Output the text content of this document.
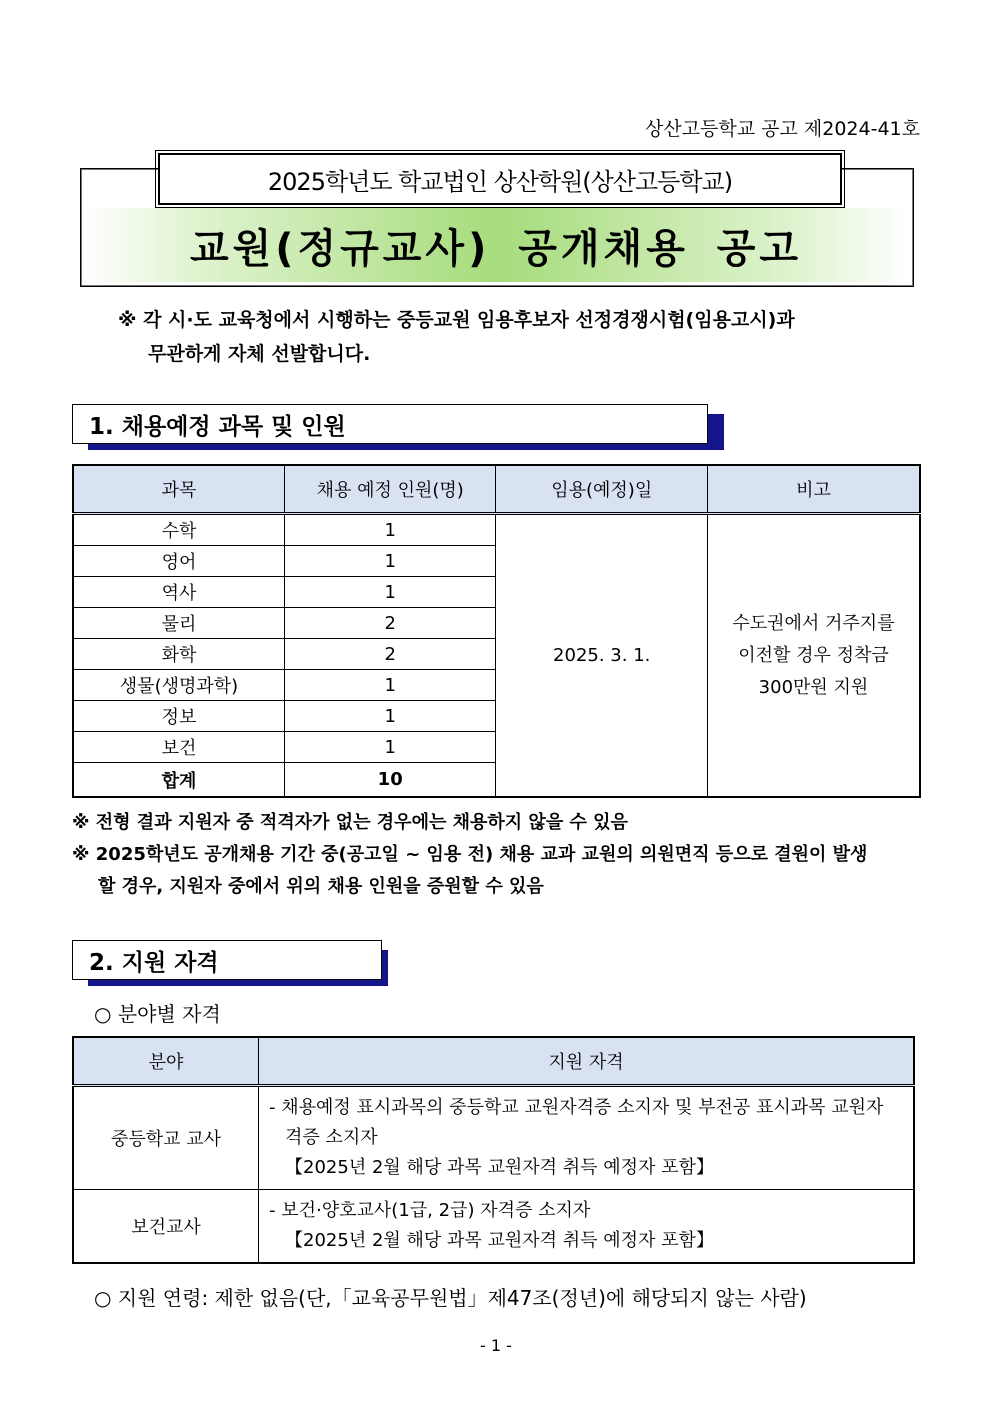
상산고등학교 공고 제2024-41호
2025학년도 학교법인 상산학원(상산고등학교)
교원(정규교사) 공개채용 공고
※ 각 시·도 교육청에서 시행하는 중등교원 임용후보자 선정경쟁시험(임용고시)과
무관하게 자체 선발합니다.
1. 채용예정 과목 및 인원
과목	채용 예정 인원(명)	임용(예정)일	비고
수학	1	2025. 3. 1.	수도권에서 거주지를
이전할 경우 정착금
300만원 지원

영어	1		
역사	1		
물리	2		
화학	2		
생물(생명과학)	1		
정보	1		
보건	1		
합계	10		
※ 전형 결과 지원자 중 적격자가 없는 경우에는 채용하지 않을 수 있음
※ 2025학년도 공개채용 기간 중(공고일 ~ 임용 전) 채용 교과 교원의 의원면직 등으로 결원이 발생
할 경우, 지원자 중에서 위의 채용 인원을 증원할 수 있음
2. 지원 자격
○ 분야별 자격
분야	지원 자격
중등학교 교사	- 채용예정 표시과목의 중등학교 교원자격증 소지자 및 부전공 표시과목 교원자
격증 소지자
【2025년 2월 해당 과목 교원자격 취득 예정자 포함】

보건교사	- 보건·양호교사(1급, 2급) 자격증 소지자
【2025년 2월 해당 과목 교원자격 취득 예정자 포함】
○ 지원 연령: 제한 없음(단,「교육공무원법」제47조(정년)에 해당되지 않는 사람)
- 1 -
